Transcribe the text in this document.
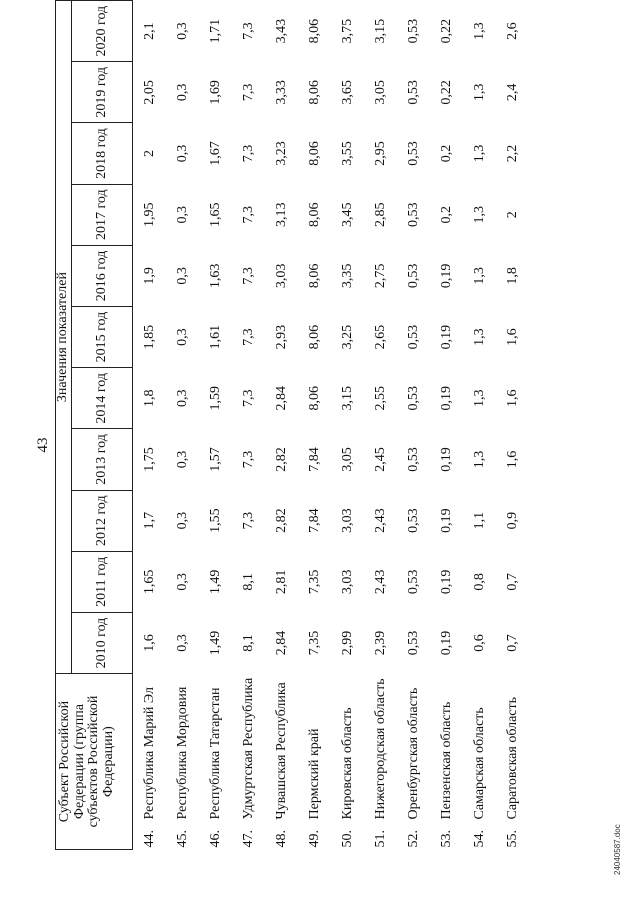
43
Субъект Российской Федерации (группа субъектов Российской Федерации)	Значения показателей										
	2010 год	2011 год	2012 год	2013 год	2014 год	2015 год	2016 год	2017 год	2018 год	2019 год	2020 год
44.Республика Марий Эл	1,6	1,65	1,7	1,75	1,8	1,85	1,9	1,95	2	2,05	2,1
45.Республика Мордовия	0,3	0,3	0,3	0,3	0,3	0,3	0,3	0,3	0,3	0,3	0,3
46.Республика Татарстан	1,49	1,49	1,55	1,57	1,59	1,61	1,63	1,65	1,67	1,69	1,71
47.Удмуртская Республика	8,1	8,1	7,3	7,3	7,3	7,3	7,3	7,3	7,3	7,3	7,3
48.Чувашская Республика	2,84	2,81	2,82	2,82	2,84	2,93	3,03	3,13	3,23	3,33	3,43
49.Пермский край	7,35	7,35	7,84	7,84	8,06	8,06	8,06	8,06	8,06	8,06	8,06
50.Кировская область	2,99	3,03	3,03	3,05	3,15	3,25	3,35	3,45	3,55	3,65	3,75
51.Нижегородская область	2,39	2,43	2,43	2,45	2,55	2,65	2,75	2,85	2,95	3,05	3,15
52.Оренбургская область	0,53	0,53	0,53	0,53	0,53	0,53	0,53	0,53	0,53	0,53	0,53
53.Пензенская область	0,19	0,19	0,19	0,19	0,19	0,19	0,19	0,2	0,2	0,22	0,22
54.Самарская область	0,6	0,8	1,1	1,3	1,3	1,3	1,3	1,3	1,3	1,3	1,3
55.Саратовская область	0,7	0,7	0,9	1,6	1,6	1,6	1,8	2	2,2	2,4	2,6
24040587.doc
